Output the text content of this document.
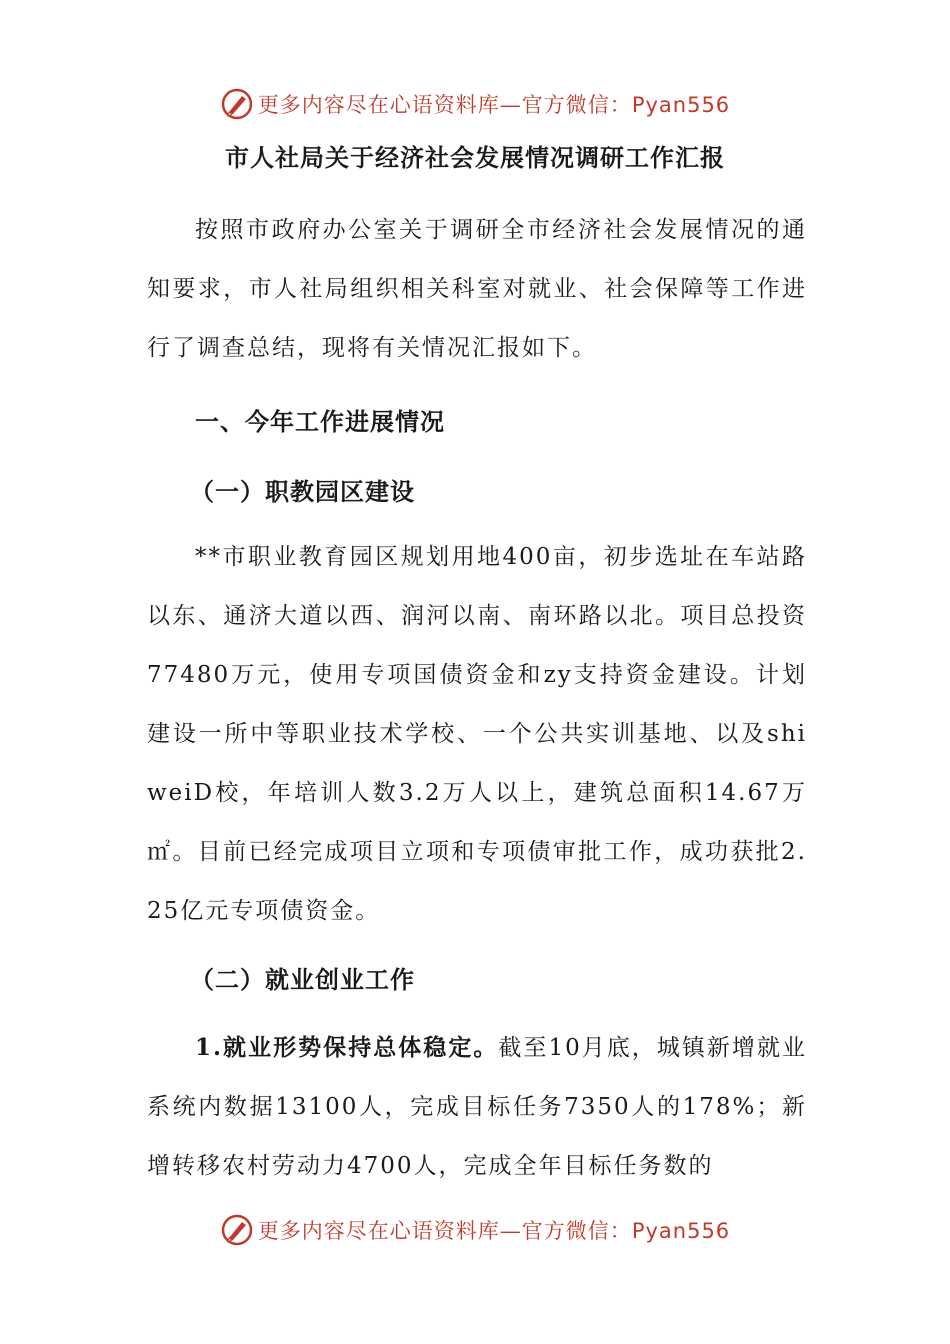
更多内容尽在心语资料库—官方微信：Pyan556
市人社局关于经济社会发展情况调研工作汇报

按照市政府办公室关于调研全市经济社会发展情况的通知要求，市人社局组织相关科室对就业、社会保障等工作进行了调查总结，现将有关情况汇报如下。

一、今年工作进展情况
（一）职教园区建设

**市职业教育园区规划用地400亩，初步选址在车站路以东、通济大道以西、润河以南、南环路以北。项目总投资77480万元，使用专项国债资金和zy支持资金建设。计划建设一所中等职业技术学校、一个公共实训基地、以及shiweiD校，年培训人数3.2万人以上，建筑总面积14.67万㎡。目前已经完成项目立项和专项债审批工作，成功获批2.25亿元专项债资金。

（二）就业创业工作

1.就业形势保持总体稳定。截至10月底，城镇新增就业系统内数据13100人，完成目标任务7350人的178%；新增转移农村劳动力4700人，完成全年目标任务数的

更多内容尽在心语资料库—官方微信：Pyan556
